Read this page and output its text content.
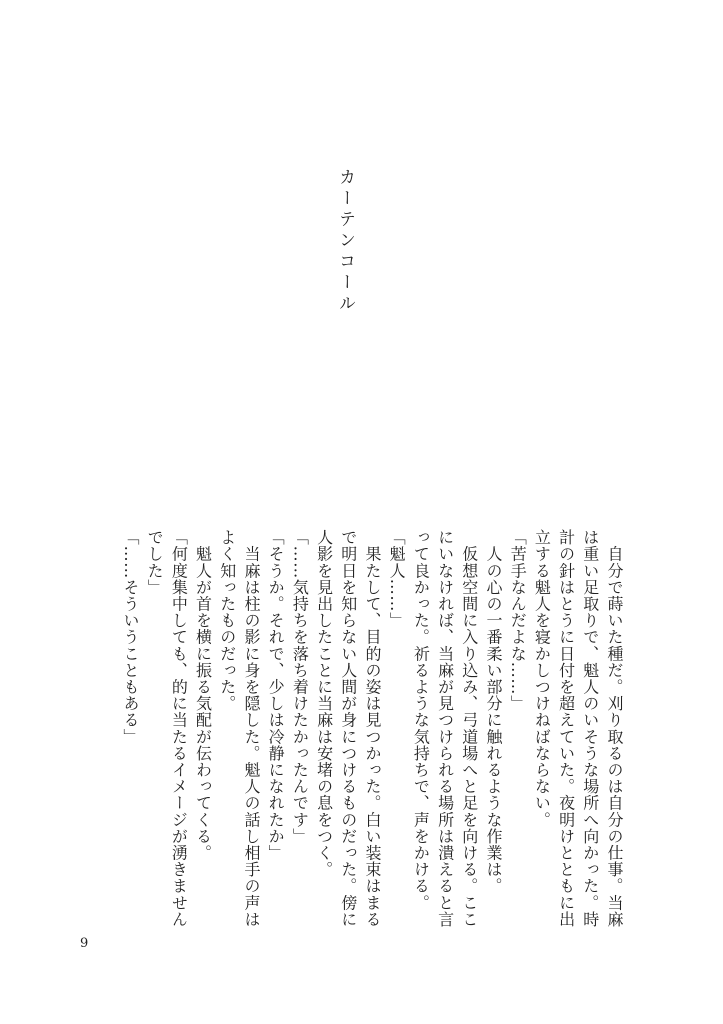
カーテンコール

　自分で蒔いた種だ。刈り取るのは自分の仕事。当麻は重い足取りで、魁人のいそうな場所へ向かった。時計の針はとうに日付を超えていた。夜明けとともに出立する魁人を寝かしつけねばならない。

「苦手なんだよな……」

　人の心の一番柔い部分に触れるような作業は。

　仮想空間に入り込み、弓道場へと足を向ける。ここにいなければ、当麻が見つけられる場所は潰えると言って良かった。祈るような気持ちで、声をかける。

「魁人……」

　果たして、目的の姿は見つかった。白い装束はまるで明日を知らない人間が身につけるものだった。傍に人影を見出したことに当麻は安堵の息をつく。

「……気持ちを落ち着けたかったんです」

「そうか。それで、少しは冷静になれたか」

　当麻は柱の影に身を隠した。魁人の話し相手の声はよく知ったものだった。

　魁人が首を横に振る気配が伝わってくる。

「何度集中しても、的に当たるイメージが湧きませんでした」

「……そういうこともある」

9
